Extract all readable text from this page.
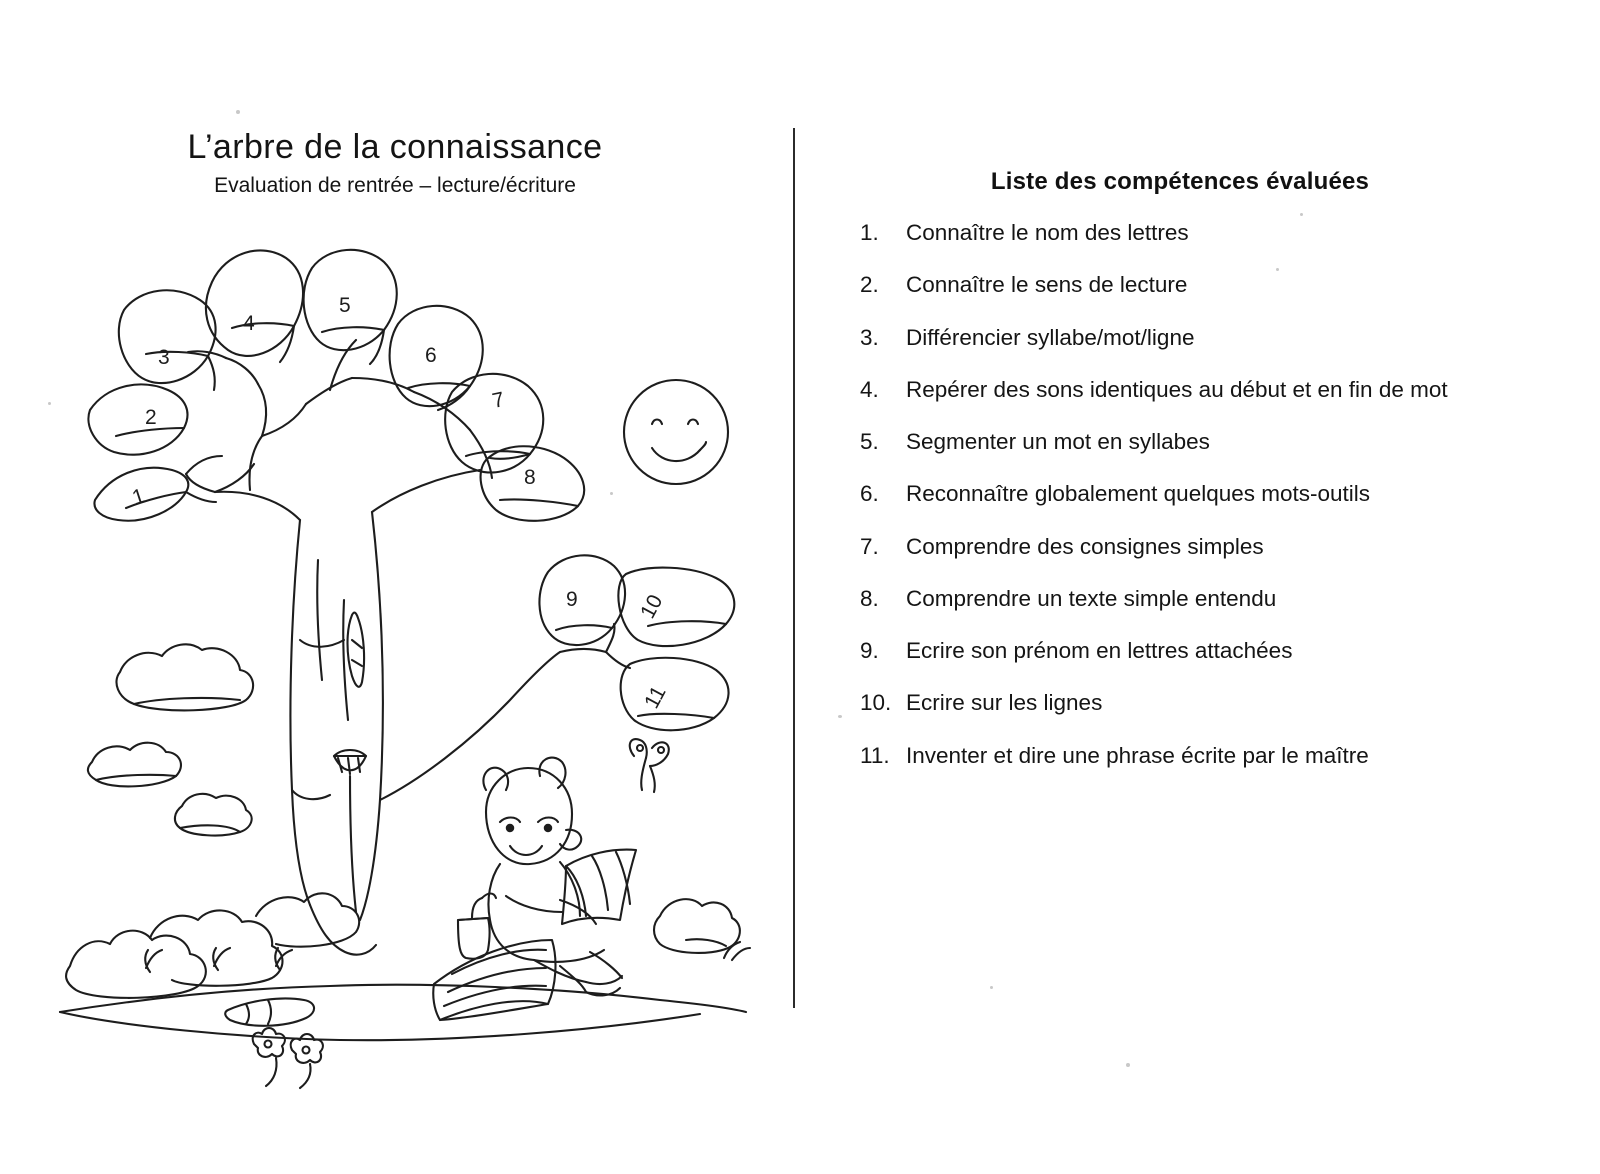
L’arbre de la connaissance

Evaluation de rentrée – lecture/écriture

1
2
3
4
5
6
7
8
9	10
11
Liste des compétences évaluées
1.	Connaître le nom des lettres
2.	Connaître le sens de lecture
3.	Différencier syllabe/mot/ligne
4.	Repérer des sons identiques au début et en fin de mot
5.	Segmenter un mot en syllabes
6.	Reconnaître globalement quelques mots-outils
7.	Comprendre des consignes simples
8.	Comprendre un texte simple entendu
9.	Ecrire son prénom en lettres attachées
10. Ecrire sur les lignes
11. Inventer et dire une phrase écrite par le maître
